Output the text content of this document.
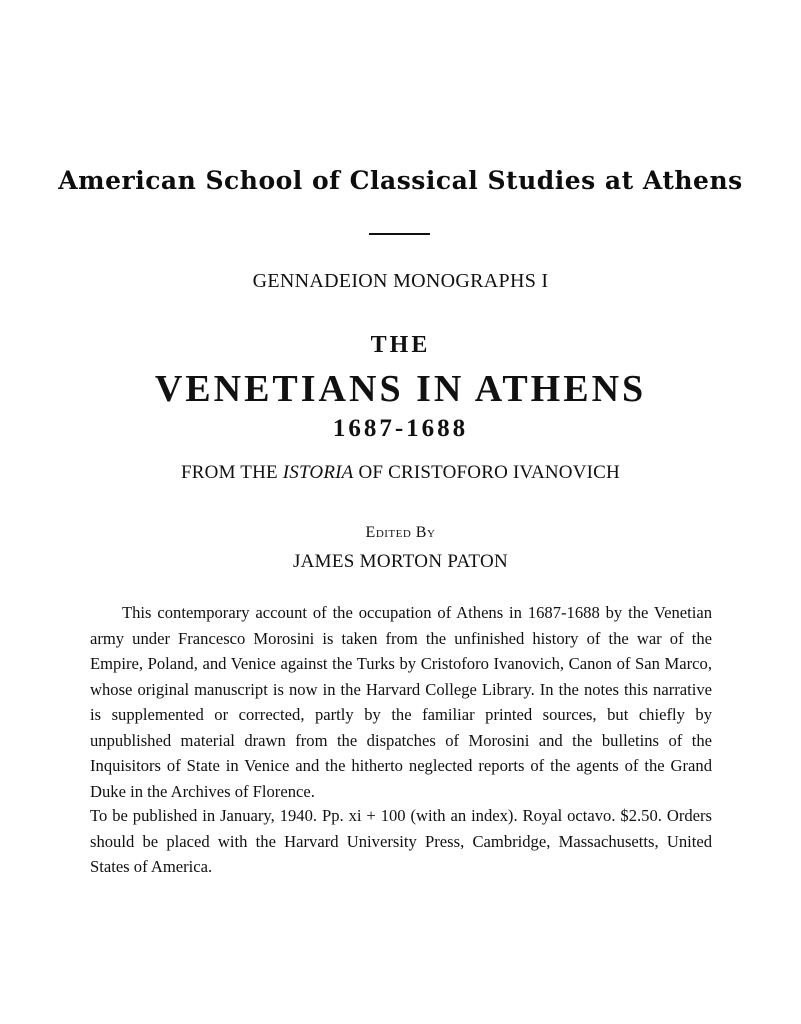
American School of Classical Studies at Athens
GENNADEION MONOGRAPHS I
THE
VENETIANS IN ATHENS
1687-1688
FROM THE ISTORIA OF CRISTOFORO IVANOVICH
Edited By
JAMES MORTON PATON

This contemporary account of the occupation of Athens in 1687-1688 by the Venetian army under Francesco Morosini is taken from the unfinished history of the war of the Empire, Poland, and Venice against the Turks by Cristoforo Ivanovich, Canon of San Marco, whose original manuscript is now in the Harvard College Library. In the notes this narrative is supplemented or corrected, partly by the familiar printed sources, but chiefly by unpublished material drawn from the dispatches of Morosini and the bulletins of the Inquisitors of State in Venice and the hitherto neglected reports of the agents of the Grand Duke in the Archives of Florence.

To be published in January, 1940. Pp. xi + 100 (with an index). Royal octavo. $2.50. Orders should be placed with the Harvard University Press, Cambridge, Massachusetts, United States of America.
